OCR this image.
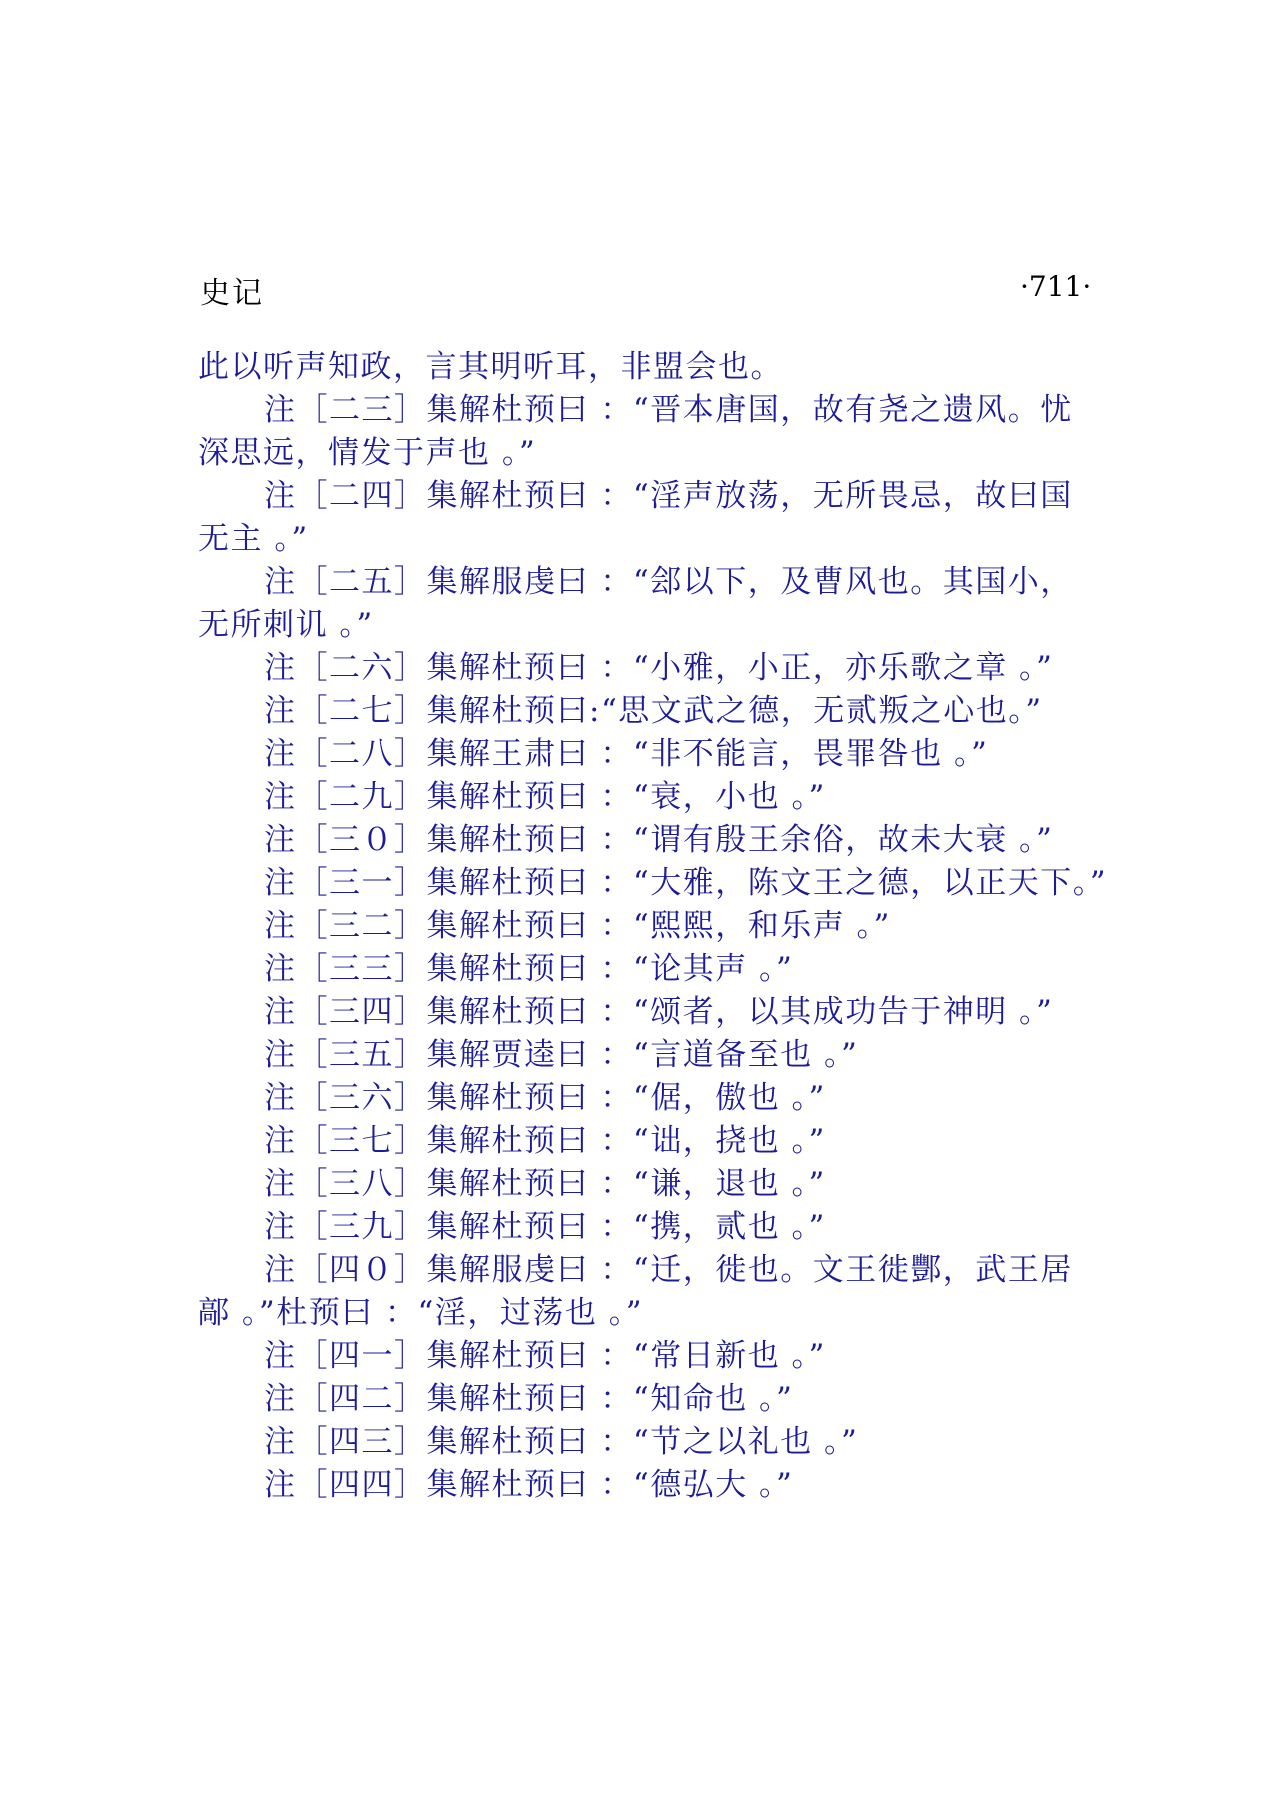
史记	·711·
此以听声知政，言其明听耳，非盟会也。
注［二三］集解杜预曰 ：“晋本唐国，故有尧之遗风。忧
深思远，情发于声也 。”
注［二四］集解杜预曰 ：“淫声放荡，无所畏忌，故曰国
无主 。”
注［二五］集解服虔曰 ：“郐以下，及曹风也。其国小，
无所刺讥 。”
注［二六］集解杜预曰 ：“小雅，小正，亦乐歌之章 。”
注［二七］集解杜预曰:“思文武之德，无贰叛之心也。”
注［二八］集解王肃曰 ：“非不能言，畏罪咎也 。”
注［二九］集解杜预曰 ：“衰，小也 。”
注［三０］集解杜预曰 ：“谓有殷王余俗，故未大衰 。”
注［三一］集解杜预曰 ：“大雅，陈文王之德，以正天下。”
注［三二］集解杜预曰 ：“熙熙，和乐声 。”
注［三三］集解杜预曰 ：“论其声 。”
注［三四］集解杜预曰 ：“颂者，以其成功告于神明 。”
注［三五］集解贾逵曰 ：“言道备至也 。”
注［三六］集解杜预曰 ：“倨，傲也 。”
注［三七］集解杜预曰 ：“诎，挠也 。”
注［三八］集解杜预曰 ：“谦，退也 。”
注［三九］集解杜预曰 ：“携，贰也 。”
注［四０］集解服虔曰 ：“迁，徙也。文王徙酆，武王居
鄗 。”杜预曰 ：“淫，过荡也 。”
注［四一］集解杜预曰 ：“常日新也 。”
注［四二］集解杜预曰 ：“知命也 。”
注［四三］集解杜预曰 ：“节之以礼也 。”
注［四四］集解杜预曰 ：“德弘大 。”
